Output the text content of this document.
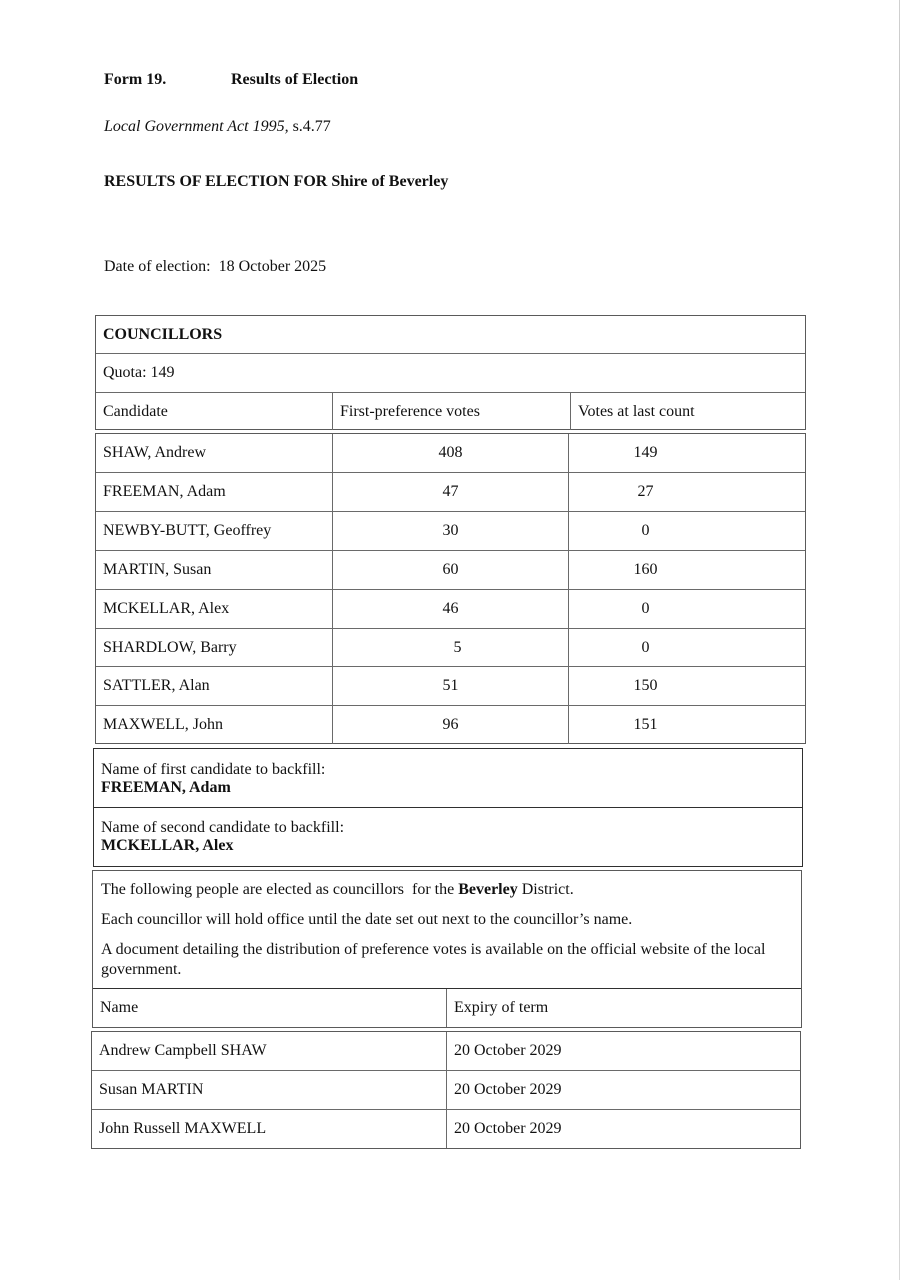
Form 19.	Results of Election
Local Government Act 1995, s.4.77
RESULTS OF ELECTION FOR Shire of Beverley
Date of election: 18 October 2025
COUNCILLORS
Quota:
149
Candidate	First-preference votes	Votes at last count
SHAW, Andrew	408	149
FREEMAN, Adam	47	27
NEWBY-BUTT, Geoffrey	30	0
MARTIN, Susan	60	160
MCKELLAR, Alex	46	0
SHARDLOW, Barry	5	0
SATTLER, Alan	51	150
MAXWELL, John	96	151
Name of first candidate to backfill:
FREEMAN, Adam
Name of second candidate to backfill:
MCKELLAR, Alex
The following people are elected as councillors  for the Beverley District.
Each councillor will hold office until the date set out next to the councillor’s name.
A document detailing the distribution of preference votes is available on the official website of the local government.
Name	Expiry of term
Andrew Campbell SHAW	20 October 2029
Susan MARTIN	20 October 2029
John Russell MAXWELL	20 October 2029
